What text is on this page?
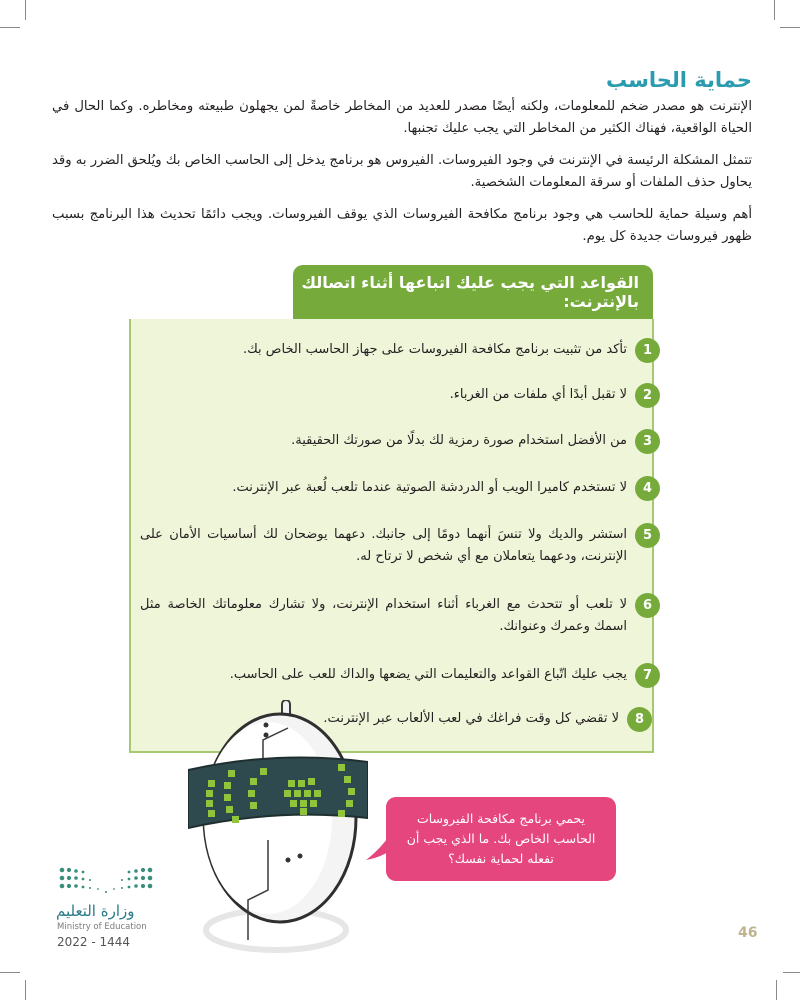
حماية الحاسب

الإنترنت هو مصدر ضخم للمعلومات، ولكنه أيضًا مصدر للعديد من المخاطر خاصةً لمن يجهلون طبيعته ومخاطره. وكما الحال في الحياة الواقعية، فهناك الكثير من المخاطر التي يجب عليك تجنبها.

تتمثل المشكلة الرئيسة في الإنترنت في وجود الفيروسات. الفيروس هو برنامج يدخل إلى الحاسب الخاص بك ويُلحق الضرر به وقد يحاول حذف الملفات أو سرقة المعلومات الشخصية.

أهم وسيلة حماية للحاسب هي وجود برنامج مكافحة الفيروسات الذي يوقف الفيروسات. ويجب دائمًا تحديث هذا البرنامج بسبب ظهور فيروسات جديدة كل يوم.

القواعد التي يجب عليك اتباعها أثناء اتصالك بالإنترنت:
1
تأكد من تثبيت برنامج مكافحة الفيروسات على جهاز الحاسب الخاص بك.
2
لا تقبل أبدًا أي ملفات من الغرباء.
3
من الأفضل استخدام صورة رمزية لك بدلًا من صورتك الحقيقية.
4
لا تستخدم كاميرا الويب أو الدردشة الصوتية عندما تلعب لُعبة عبر الإنترنت.
5
استشر والديك ولا تنسَ أنهما دومًا إلى جانبك. دعهما يوضحان لك أساسيات الأمان على الإنترنت، ودعهما يتعاملان مع أي شخص لا ترتاح له.
6
لا تلعب أو تتحدث مع الغرباء أثناء استخدام الإنترنت، ولا تشارك معلوماتك الخاصة مثل اسمك وعمرك وعنوانك.
7
يجب عليك اتّباع القواعد والتعليمات التي يضعها والداك للعب على الحاسب.
8
لا تقضي كل وقت فراغك في لعب الألعاب عبر الإنترنت.
يحمي برنامج مكافحة الفيروسات الحاسب الخاص بك. ما الذي يجب أن تفعله لحماية نفسك؟
وزارة التعليم
Ministry of Education
2022 - 1444
46
